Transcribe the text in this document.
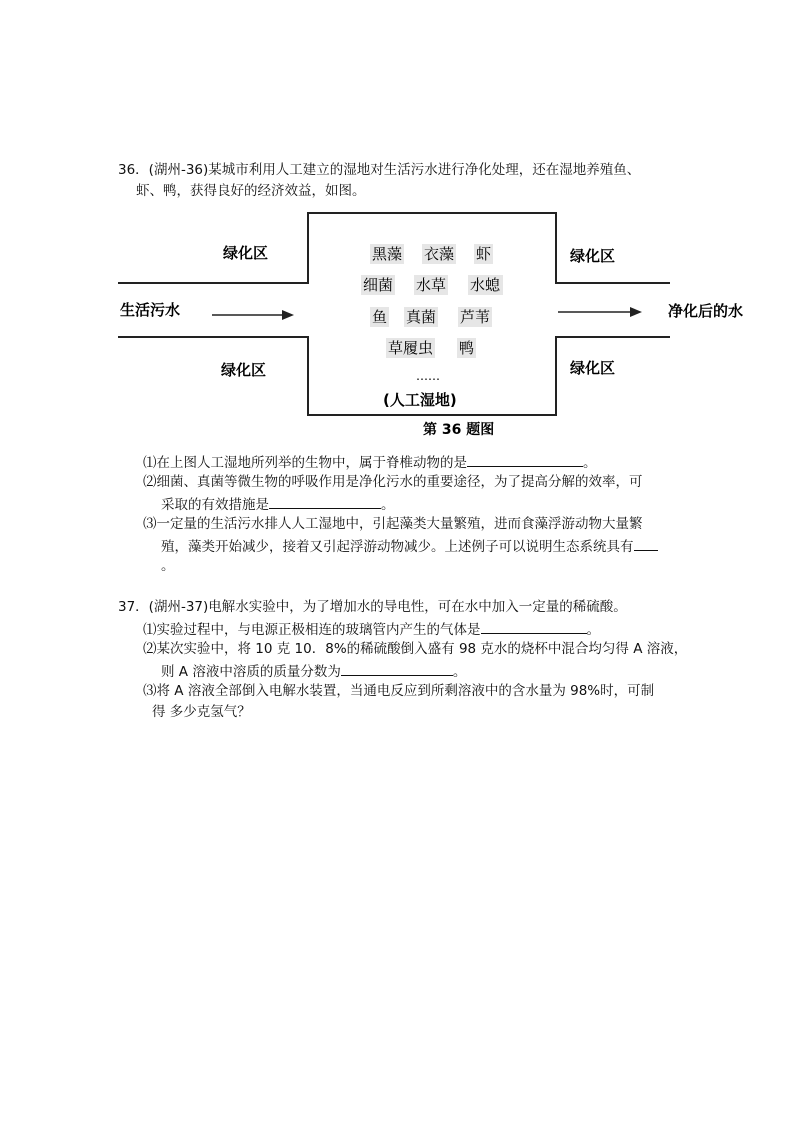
36．(湖州-36)某城市利用人工建立的湿地对生活污水进行净化处理，还在湿地养殖鱼、
虾、鸭，获得良好的经济效益，如图。
绿化区	绿化区
绿化区	绿化区
生活污水	净化后的水
黑藻 衣藻 虾
细菌 水草 水螅
鱼 真菌 芦苇
草履虫 鸭
……
(人工湿地)
第 36 题图
⑴在上图人工湿地所列举的生物中，属于脊椎动物的是	。
⑵细菌、真菌等微生物的呼吸作用是净化污水的重要途径，为了提高分解的效率，可
采取的有效措施是	。
⑶一定量的生活污水排人人工湿地中，引起藻类大量繁殖，进而食藻浮游动物大量繁
殖，藻类开始减少，接着又引起浮游动物减少。上述例子可以说明生态系统具有
。
37．(湖州-37)电解水实验中，为了增加水的导电性，可在水中加入一定量的稀硫酸。
⑴实验过程中，与电源正极相连的玻璃管内产生的气体是	。
⑵某次实验中，将 10 克 10．8%的稀硫酸倒入盛有 98 克水的烧杯中混合均匀得 A 溶液，
则 A 溶液中溶质的质量分数为	。
⑶将 A 溶液全部倒入电解水装置，当通电反应到所剩溶液中的含水量为 98%时，可制
得 多少克氢气？
